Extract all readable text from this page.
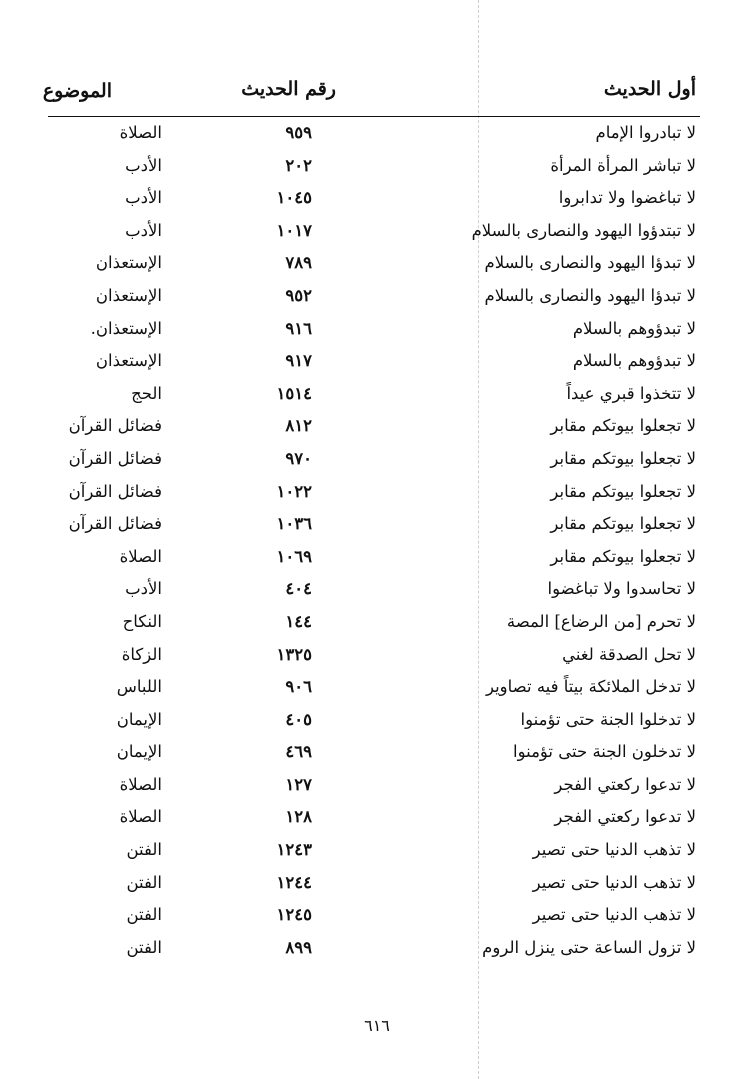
أول الحديث
رقم الحديث
الموضوع
لا تبادروا الإمام
٩٥٩
الصلاة
لا تباشر المرأة المرأة
٢٠٢
الأدب
لا تباغضوا ولا تدابروا
١٠٤٥
الأدب
لا تبتدؤوا اليهود والنصارى بالسلام
١٠١٧
الأدب
لا تبدؤا اليهود والنصارى بالسلام
٧٨٩
الإستعذان
لا تبدؤا اليهود والنصارى بالسلام
٩٥٢
الإستعذان
لا تبدؤوهم بالسلام
٩١٦
الإستعذان.
لا تبدؤوهم بالسلام
٩١٧
الإستعذان
لا تتخذوا قبري عيداً
١٥١٤
الحج
لا تجعلوا بيوتكم مقابر
٨١٢
فضائل القرآن
لا تجعلوا بيوتكم مقابر
٩٧٠
فضائل القرآن
لا تجعلوا بيوتكم مقابر
١٠٢٢
فضائل القرآن
لا تجعلوا بيوتكم مقابر
١٠٣٦
فضائل القرآن
لا تجعلوا بيوتكم مقابر
١٠٦٩
الصلاة
لا تحاسدوا ولا تباغضوا
٤٠٤
الأدب
لا تحرم [من الرضاع] المصة
١٤٤
النكاح
لا تحل الصدقة لغني
١٣٢٥
الزكاة
لا تدخل الملائكة بيتاً فيه تصاوير
٩٠٦
اللباس
لا تدخلوا الجنة حتى تؤمنوا
٤٠٥
الإيمان
لا تدخلون الجنة حتى تؤمنوا
٤٦٩
الإيمان
لا تدعوا ركعتي الفجر
١٢٧
الصلاة
لا تدعوا ركعتي الفجر
١٢٨
الصلاة
لا تذهب الدنيا حتى تصير
١٢٤٣
الفتن
لا تذهب الدنيا حتى تصير
١٢٤٤
الفتن
لا تذهب الدنيا حتى تصير
١٢٤٥
الفتن
لا تزول الساعة حتى ينزل الروم
٨٩٩
الفتن
٦١٦
